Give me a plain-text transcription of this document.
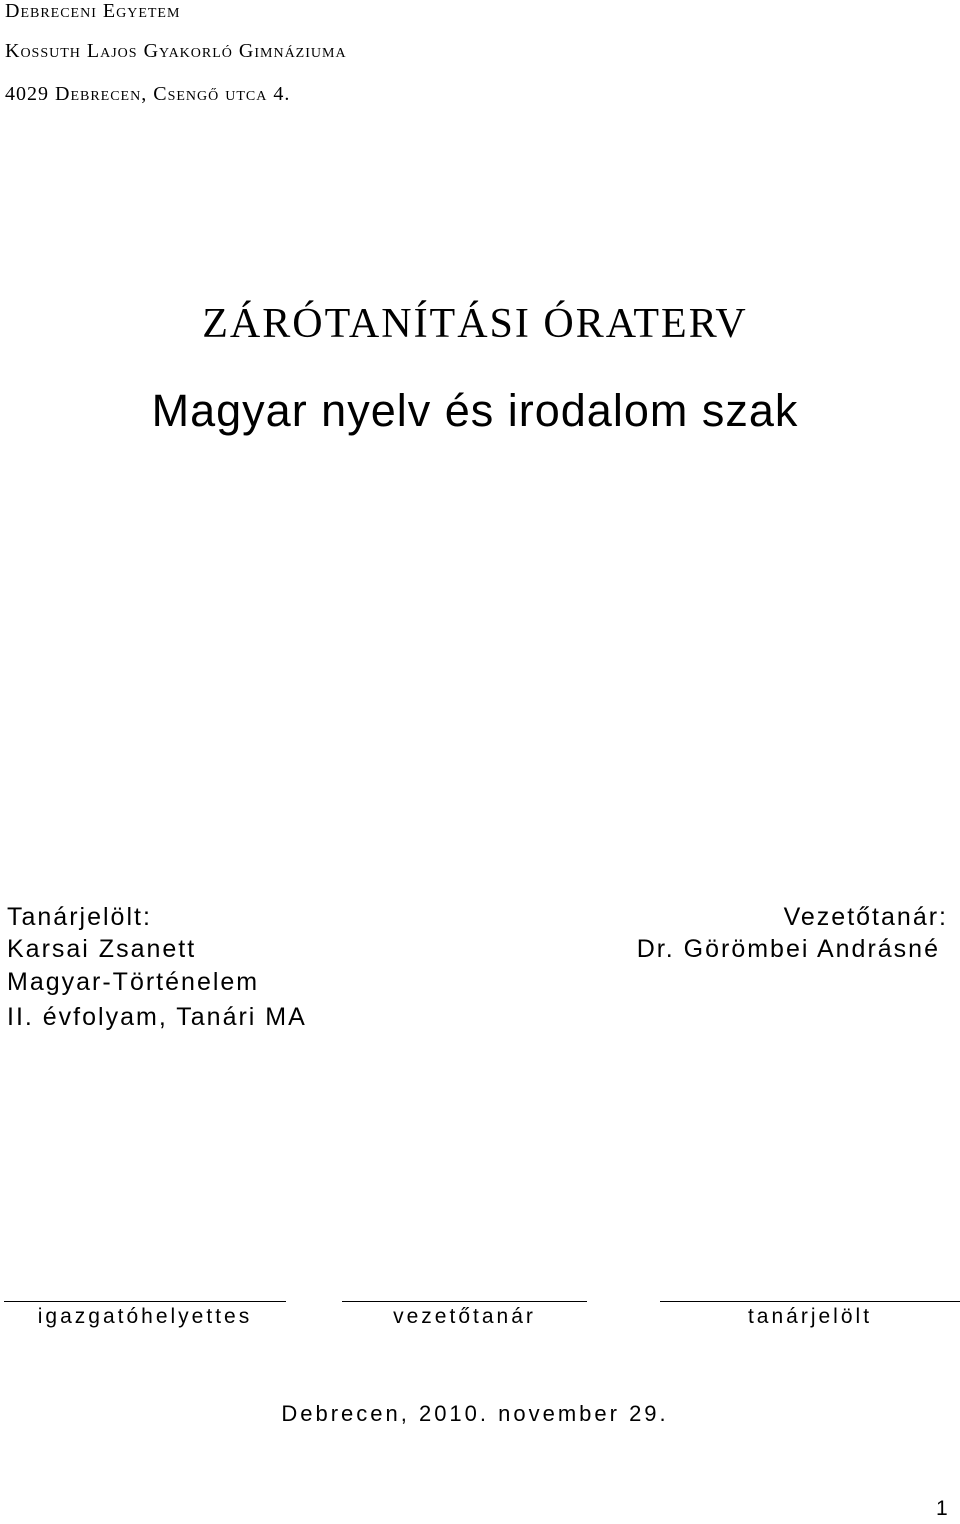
Debreceni Egyetem
Kossuth Lajos Gyakorló Gimnáziuma
4029 Debrecen, Csengő utca 4.
ZÁRÓTANÍTÁSI ÓRATERV
Magyar nyelv és irodalom szak
Tanárjelölt:
Karsai Zsanett
Magyar-Történelem
II. évfolyam, Tanári MA
Vezetőtanár:
Dr. Görömbei Andrásné
igazgatóhelyettes	vezetőtanár	tanárjelölt
Debrecen, 2010. november 29.
1
